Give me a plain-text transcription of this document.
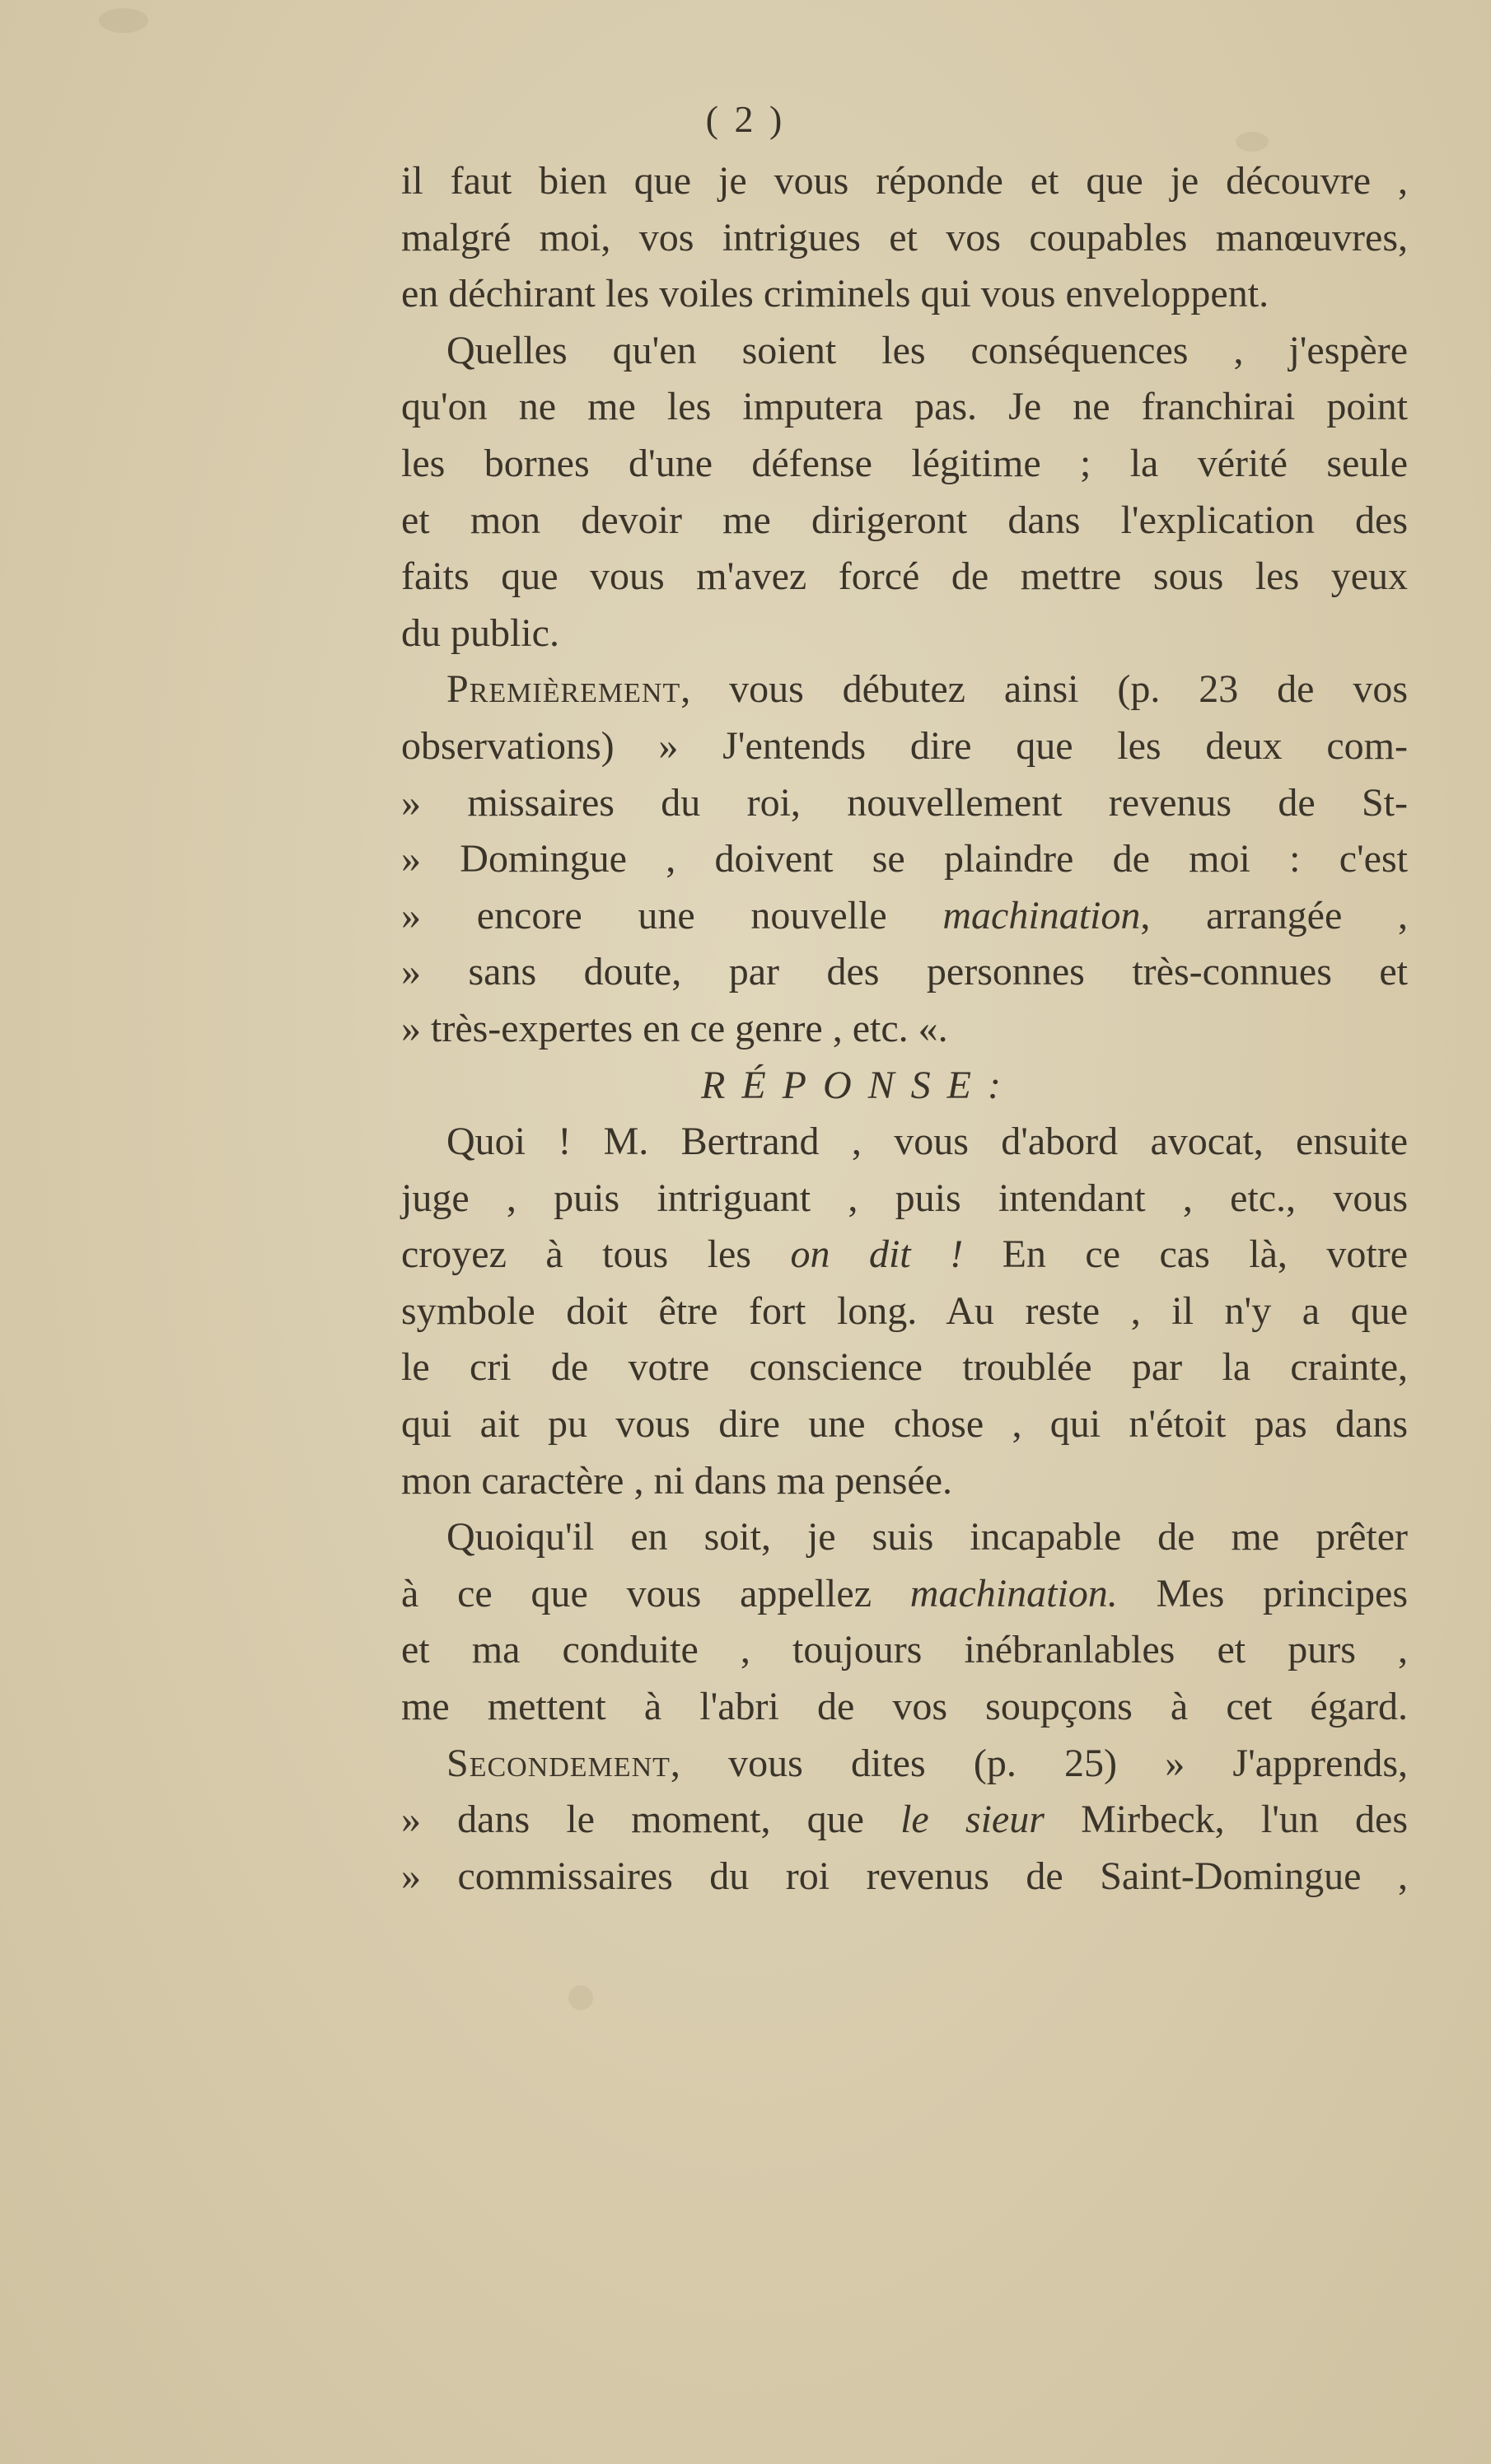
( 2 )
il faut bien que je vous réponde et que je découvre ,
malgré moi, vos intrigues et vos coupables manœuvres,
en déchirant les voiles criminels qui vous enveloppent.
Quelles qu'en soient les conséquences , j'espère
qu'on ne me les imputera pas. Je ne franchirai point
les bornes d'une défense légitime ; la vérité seule
et mon devoir me dirigeront dans l'explication des
faits que vous m'avez forcé de mettre sous les yeux
du public.
Premièrement, vous débutez ainsi (p. 23 de vos
observations) » J'entends dire que les deux com-
» missaires du roi, nouvellement revenus de St-
» Domingue , doivent se plaindre de moi : c'est
» encore une nouvelle machination, arrangée ,
» sans doute, par des personnes très-connues et
» très-expertes en ce genre , etc. «.
RÉPONSE:
Quoi ! M. Bertrand , vous d'abord avocat, ensuite
juge , puis intriguant , puis intendant , etc., vous
croyez à tous les on dit ! En ce cas là, votre
symbole doit être fort long. Au reste , il n'y a que
le cri de votre conscience troublée par la crainte,
qui ait pu vous dire une chose , qui n'étoit pas dans
mon caractère , ni dans ma pensée.
Quoiqu'il en soit, je suis incapable de me prêter
à ce que vous appellez machination. Mes principes
et ma conduite , toujours inébranlables et purs ,
me mettent à l'abri de vos soupçons à cet égard.
Secondement, vous dites (p. 25) » J'apprends,
» dans le moment, que le sieur Mirbeck, l'un des
» commissaires du roi revenus de Saint-Domingue ,
